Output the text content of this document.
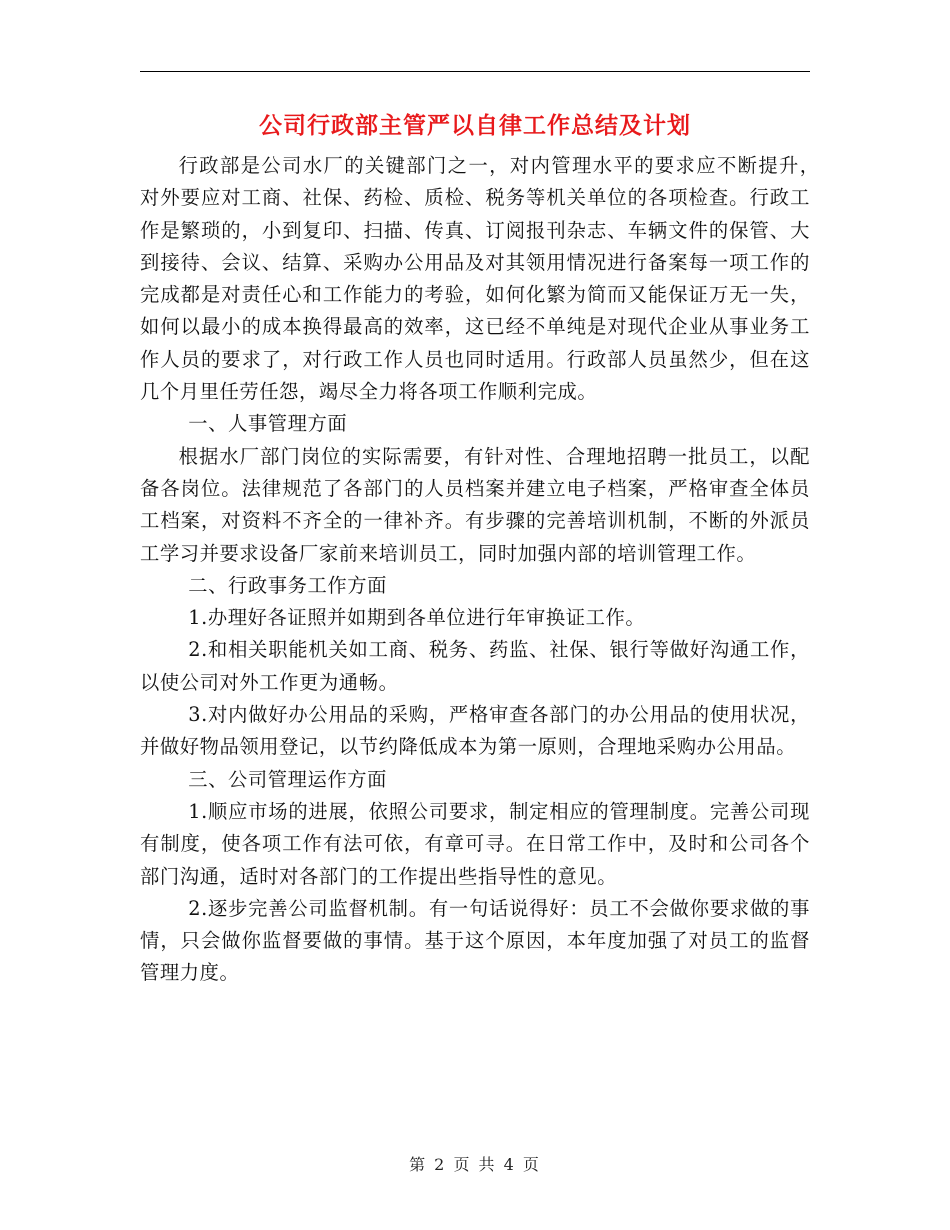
公司行政部主管严以自律工作总结及计划

行政部是公司水厂的关键部门之一，对内管理水平的要求应不断提升，　对外要应对工商、社保、药检、质检、税务等机关单位的各项检查。行政工作是繁琐的，小到复印、扫描、传真、订阅报刊杂志、车辆文件的保管、大到接待、会议、结算、采购办公用品及对其领用情况进行备案每一项工作的完成都是对责任心和工作能力的考验，如何化繁为简而又能保证万无一失，如何以最小的成本换得最高的效率，这已经不单纯是对现代企业从事业务工作人员的要求了，对行政工作人员也同时适用。行政部人员虽然少，但在这几个月里任劳任怨，竭尽全力将各项工作顺利完成。

一、人事管理方面

根据水厂部门岗位的实际需要，有针对性、合理地招聘一批员工，以配备各岗位。法律规范了各部门的人员档案并建立电子档案，严格审查全体员工档案，对资料不齐全的一律补齐。有步骤的完善培训机制，不断的外派员工学习并要求设备厂家前来培训员工，同时加强内部的培训管理工作。

二、行政事务工作方面

1.办理好各证照并如期到各单位进行年审换证工作。

2.和相关职能机关如工商、税务、药监、社保、银行等做好沟通工作，以使公司对外工作更为通畅。

3.对内做好办公用品的采购，严格审查各部门的办公用品的使用状况，并做好物品领用登记，以节约降低成本为第一原则，合理地采购办公用品。

三、公司管理运作方面

1.顺应市场的进展，依照公司要求，制定相应的管理制度。完善公司现有制度，使各项工作有法可依，有章可寻。在日常工作中，及时和公司各个部门沟通，适时对各部门的工作提出些指导性的意见。

2.逐步完善公司监督机制。有一句话说得好：员工不会做你要求做的事情，只会做你监督要做的事情。基于这个原因，本年度加强了对员工的监督管理力度。

第 2 页 共 4 页
